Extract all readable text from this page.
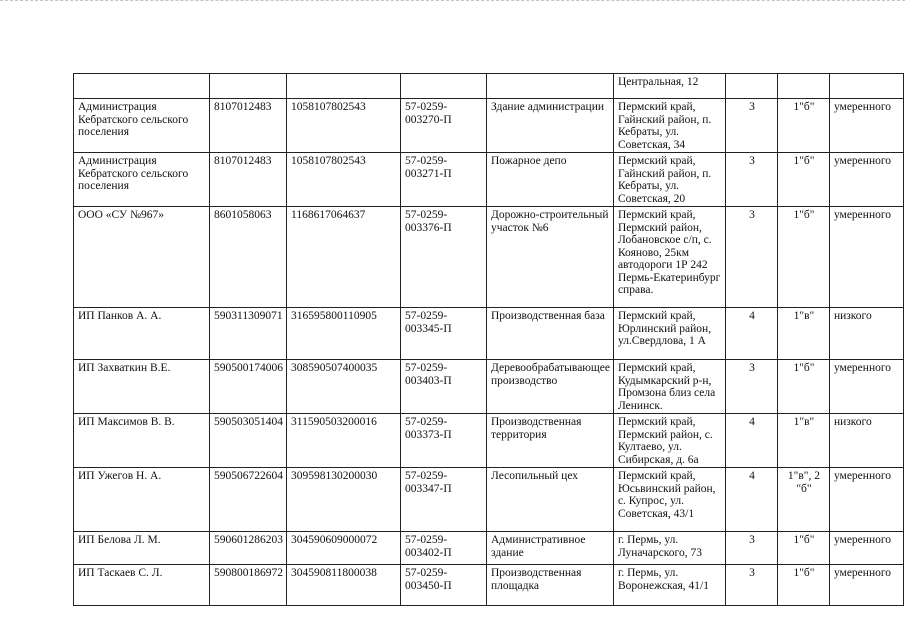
					Центральная, 12			
Администрация Кебратского сельского поселения	8107012483	1058107802543	57-0259-003270-П	Здание администрации	Пермский край, Гайнский район, п. Кебраты, ул. Советская, 34	3	1"б"	умеренного
Администрация Кебратского сельского поселения	8107012483	1058107802543	57-0259-003271-П	Пожарное депо	Пермский край, Гайнский район, п. Кебраты, ул. Советская, 20	3	1"б"	умеренного
ООО «СУ №967»	8601058063	1168617064637	57-0259-003376-П	Дорожно-строительный участок №6	Пермский край, Пермский район, Лобановское с/п, с. Кояново, 25км автодороги 1Р 242 Пермь-Екатеринбург справа.	3	1"б"	умеренного
ИП Панков А. А.	590311309071	316595800110905	57-0259-003345-П	Производственная база	Пермский край, Юрлинский район, ул.Свердлова, 1 А	4	1"в"	низкого
ИП Захваткин В.Е.	590500174006	308590507400035	57-0259-003403-П	Деревообрабатывающее производство	Пермский край, Кудымкарский р-н, Промзона близ села Ленинск.	3	1"б"	умеренного
ИП Максимов В. В.	590503051404	311590503200016	57-0259-003373-П	Производственная территория	Пермский край, Пермский район, с. Култаево, ул. Сибирская, д. 6а	4	1"в"	низкого
ИП Ужегов Н. А.	590506722604	309598130200030	57-0259-003347-П	Лесопильный цех	Пермский край, Юсьвинский район, с. Купрос, ул. Советская, 43/1	4	1"в", 2 "б"	умеренного
ИП Белова Л. М.	590601286203	304590609000072	57-0259-003402-П	Административное здание	г. Пермь, ул. Луначарского, 73	3	1"б"	умеренного
ИП Таскаев С. Л.	590800186972	304590811800038	57-0259-003450-П	Производственная площадка	г. Пермь, ул. Воронежская, 41/1	3	1"б"	умеренного
